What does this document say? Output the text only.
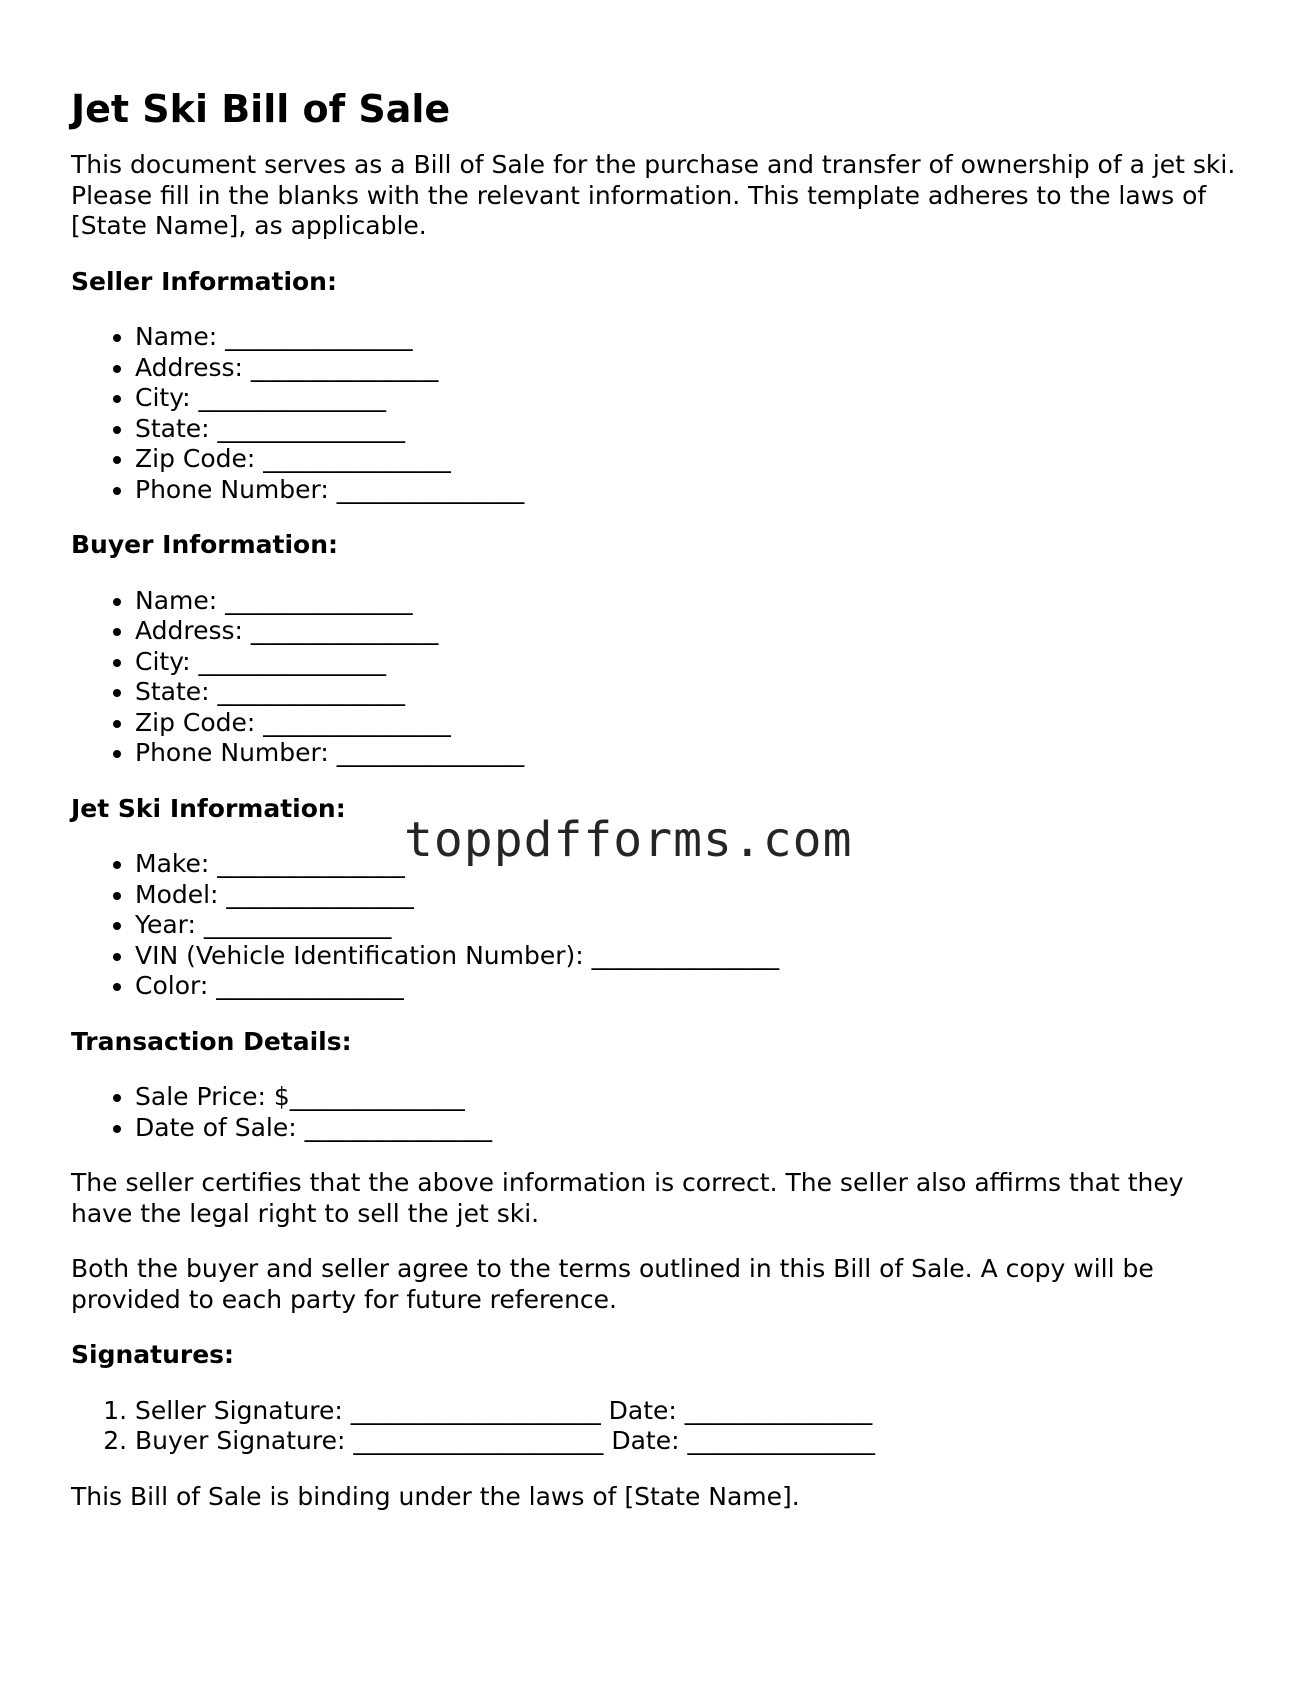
Jet Ski Bill of Sale

This document serves as a Bill of Sale for the purchase and transfer of ownership of a jet ski. Please fill in the blanks with the relevant information. This template adheres to the laws of [State Name], as applicable.

Seller Information:
• Name: _______________
• Address: _______________
• City: _______________
• State: _______________
• Zip Code: _______________
• Phone Number: _______________
Buyer Information:
• Name: _______________
• Address: _______________
• City: _______________
• State: _______________
• Zip Code: _______________
• Phone Number: _______________
Jet Ski Information:
• Make: _______________
• Model: _______________
• Year: _______________
• VIN (Vehicle Identification Number): _______________
• Color: _______________
Transaction Details:
• Sale Price: $______________
• Date of Sale: _______________

The seller certifies that the above information is correct. The seller also affirms that they have the legal right to sell the jet ski.

Both the buyer and seller agree to the terms outlined in this Bill of Sale. A copy will be provided to each party for future reference.

Signatures:
1. Seller Signature: ____________________ Date: _______________
2. Buyer Signature: ____________________ Date: _______________

This Bill of Sale is binding under the laws of [State Name].

toppdfforms.com
